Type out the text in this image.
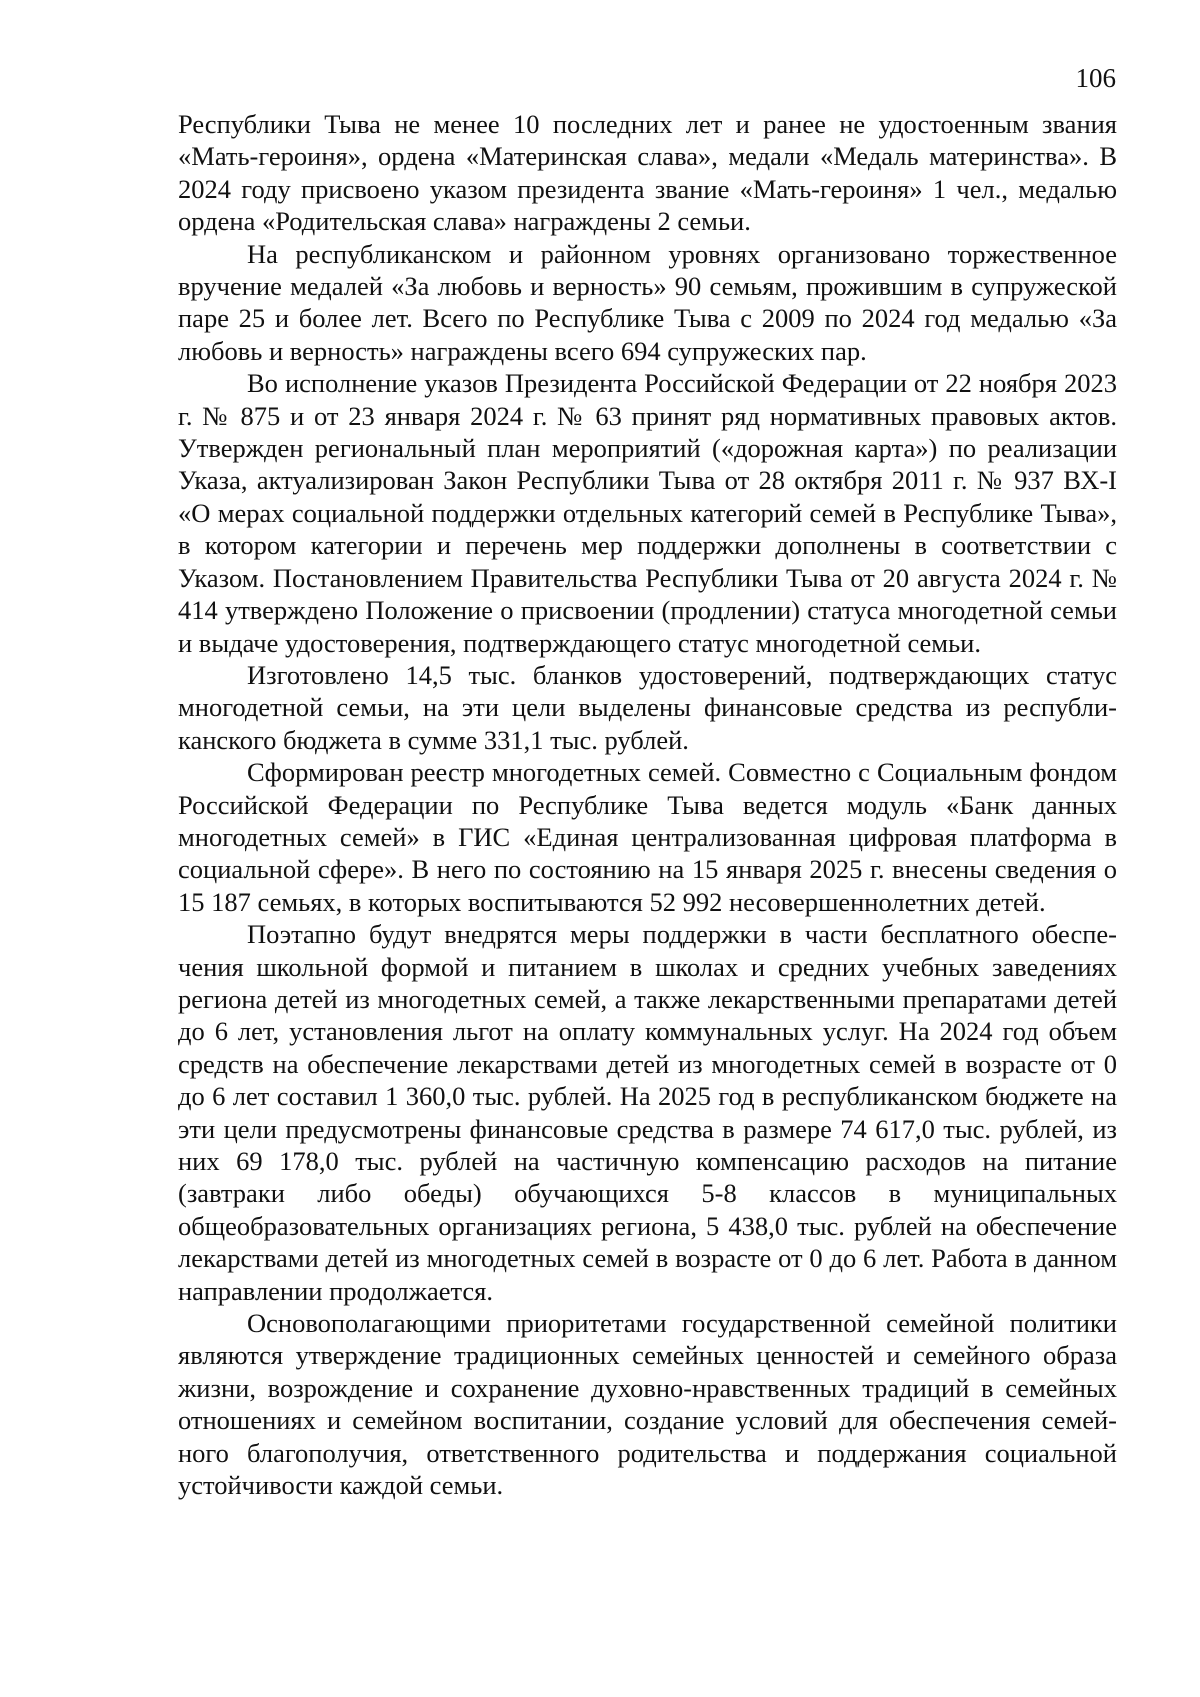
106

Республики Тыва не менее 10 последних лет и ранее не удостоенным звания «Мать-героиня», ордена «Материнская слава», медали «Медаль материнства». В 2024 году присвоено указом президента звание «Мать-героиня» 1 чел., медалью ордена «Родительская слава» награждены 2 семьи.

На республиканском и районном уровнях организовано торжественное вручение медалей «За любовь и верность» 90 семьям, прожившим в супружеской паре 25 и более лет. Всего по Республике Тыва с 2009 по 2024 год медалью «За любовь и верность» награждены всего 694 супружеских пар.

Во исполнение указов Президента Российской Федерации от 22 ноября 2023 г. № 875 и от 23 января 2024 г. № 63 принят ряд нормативных правовых актов. Утвержден региональный план мероприятий («дорожная карта») по реализации Указа, актуализирован Закон Республики Тыва от 28 октября 2011 г. № 937 ВХ-I «О мерах социальной поддержки отдельных категорий семей в Республике Тыва», в котором категории и перечень мер поддержки дополнены в соответствии с Указом. Постановлением Правительства Республики Тыва от 20 августа 2024 г. № 414 утверждено Положение о присвоении (продлении) статуса многодетной семьи и выдаче удостоверения, подтверждающего статус многодетной семьи.

Изготовлено 14,5 тыс. бланков удостоверений, подтверждающих статус многодетной семьи, на эти цели выделены финансовые средства из республиканского бюджета в сумме 331,1 тыс. рублей.

Сформирован реестр многодетных семей. Совместно с Социальным фондом Российской Федерации по Республике Тыва ведется модуль «Банк данных многодетных семей» в ГИС «Единая централизованная цифровая платформа в социальной сфере». В него по состоянию на 15 января 2025 г. внесены сведения о 15 187 семьях, в которых воспитываются 52 992 несовершеннолетних детей.

Поэтапно будут внедрятся меры поддержки в части бесплатного обеспечения школьной формой и питанием в школах и средних учебных заведениях региона детей из многодетных семей, а также лекарственными препаратами детей до 6 лет, установления льгот на оплату коммунальных услуг. На 2024 год объем средств на обеспечение лекарствами детей из многодетных семей в возрасте от 0 до 6 лет составил 1 360,0 тыс. рублей. На 2025 год в республиканском бюджете на эти цели предусмотрены финансовые средства в размере 74 617,0 тыс. рублей, из них 69 178,0 тыс. рублей на частичную компенсацию расходов на питание (завтраки либо обеды) обучающихся 5-8 классов в муниципальных общеобразовательных организациях региона, 5 438,0 тыс. рублей на обеспечение лекарствами детей из многодетных семей в возрасте от 0 до 6 лет. Работа в данном направлении продолжается.

Основополагающими приоритетами государственной семейной политики являются утверждение традиционных семейных ценностей и семейного образа жизни, возрождение и сохранение духовно-нравственных традиций в семейных отношениях и семейном воспитании, создание условий для обеспечения семейного благополучия, ответственного родительства и поддержания социальной устойчивости каждой семьи.
